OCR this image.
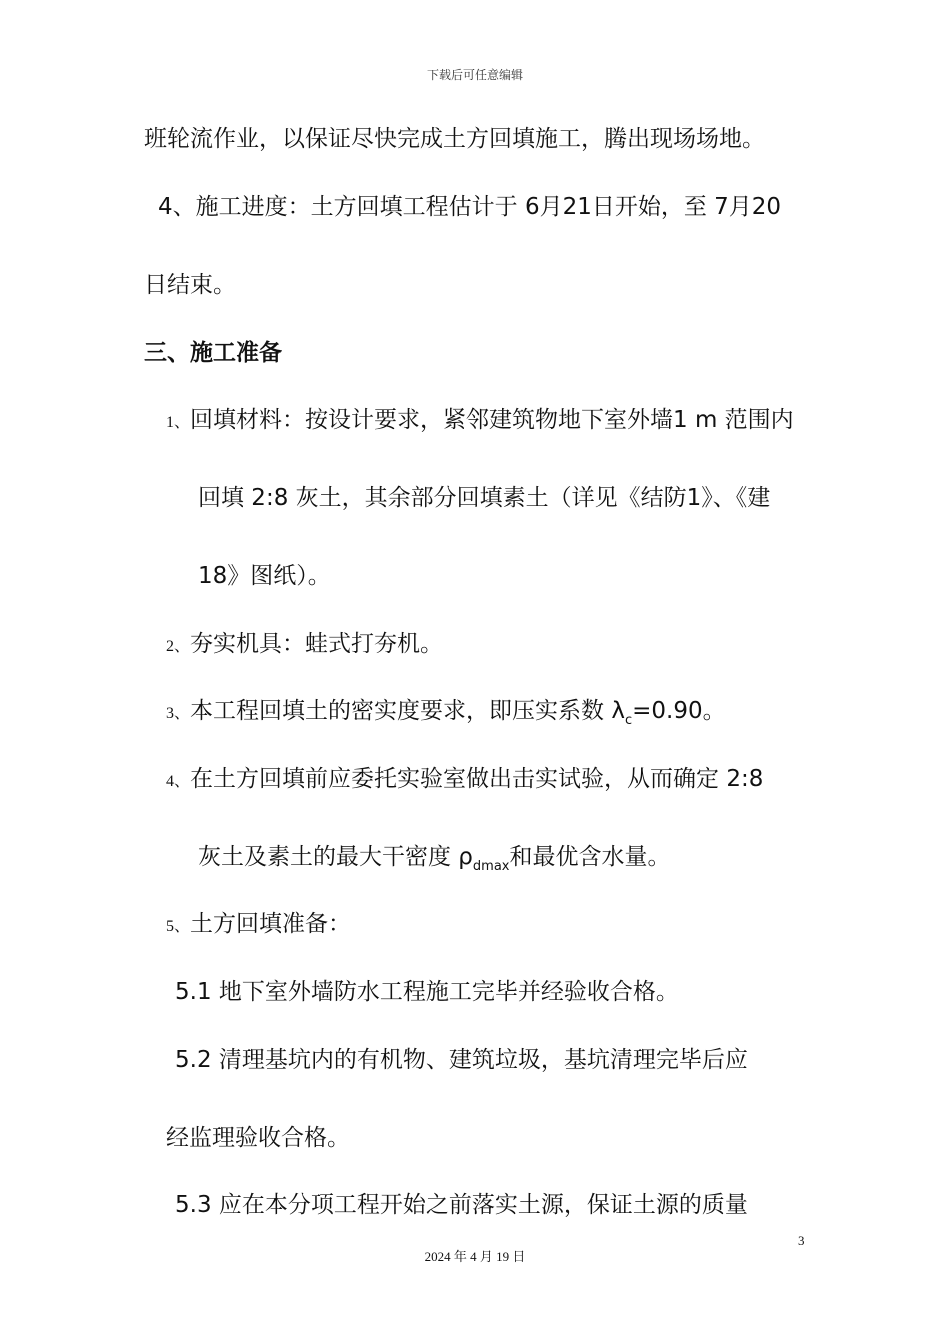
下载后可任意编辑
班轮流作业，以保证尽快完成土方回填施工，腾出现场场地。
4、施工进度：土方回填工程估计于 6月21日开始，至 7月20
日结束。
三、施工准备
1、回填材料：按设计要求，紧邻建筑物地下室外墙1 m 范围内
回填 2:8 灰土，其余部分回填素土（详见《结防1》、《建
18》图纸）。
2、夯实机具：蛙式打夯机。
3、本工程回填土的密实度要求，即压实系数 $\lambda_c=0.90$。
4、在土方回填前应委托实验室做出击实试验，从而确定 2:8
灰土及素土的最大干密度 $\rho_{dmax}$和最优含水量。
5、土方回填准备：
5.1 地下室外墙防水工程施工完毕并经验收合格。
5.2 清理基坑内的有机物、建筑垃圾，基坑清理完毕后应
经监理验收合格。
5.3 应在本分项工程开始之前落实土源，保证土源的质量
3
2024 年 4 月 19 日
